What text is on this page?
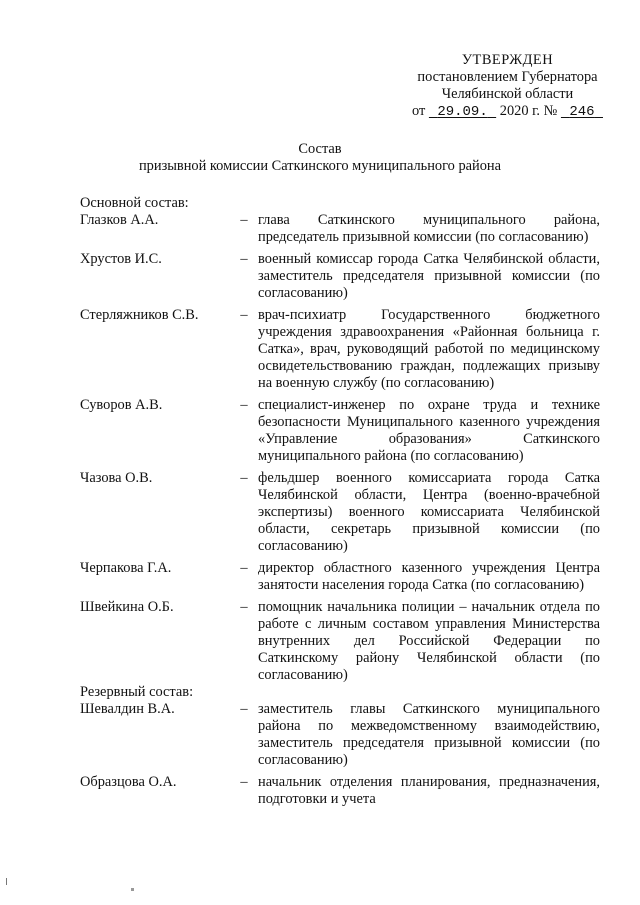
УТВЕРЖДЕН
постановлением Губернатора
Челябинской области
от 29.09. 2020 г. № 246
Состав
призывной комиссии Саткинского муниципального района
Основной состав:
Глазков А.А.	– глава Саткинского муниципального района, председатель призывной комиссии (по согласованию)
Хрустов И.С.	– военный комиссар города Сатка Челябинской области, заместитель председателя призывной комиссии (по согласованию)
Стерляжников С.В.	– врач-психиатр Государственного бюджетного учреждения здравоохранения «Районная больница г. Сатка», врач, руководящий работой по медицинскому освидетельствованию граждан, подлежащих призыву на военную службу (по согласованию)
Суворов А.В.	– специалист-инженер по охране труда и технике безопасности Муниципального казенного учреждения «Управление образования» Саткинского муниципального района (по согласованию)
Чазова О.В.	– фельдшер военного комиссариата города Сатка Челябинской области, Центра (военно-врачебной экспертизы) военного комиссариата Челябинской области, секретарь призывной комиссии (по согласованию)
Черпакова Г.А.	– директор областного казенного учреждения Центра занятости населения города Сатка (по согласованию)
Швейкина О.Б.	– помощник начальника полиции – начальник отдела по работе с личным составом управления Министерства внутренних дел Российской Федерации по Саткинскому району Челябинской области (по согласованию)
Резервный состав:
Шевалдин В.А.	– заместитель главы Саткинского муниципального района по межведомственному взаимодействию, заместитель председателя призывной комиссии (по согласованию)
Образцова О.А.	– начальник отделения планирования, предназначения, подготовки и учета
